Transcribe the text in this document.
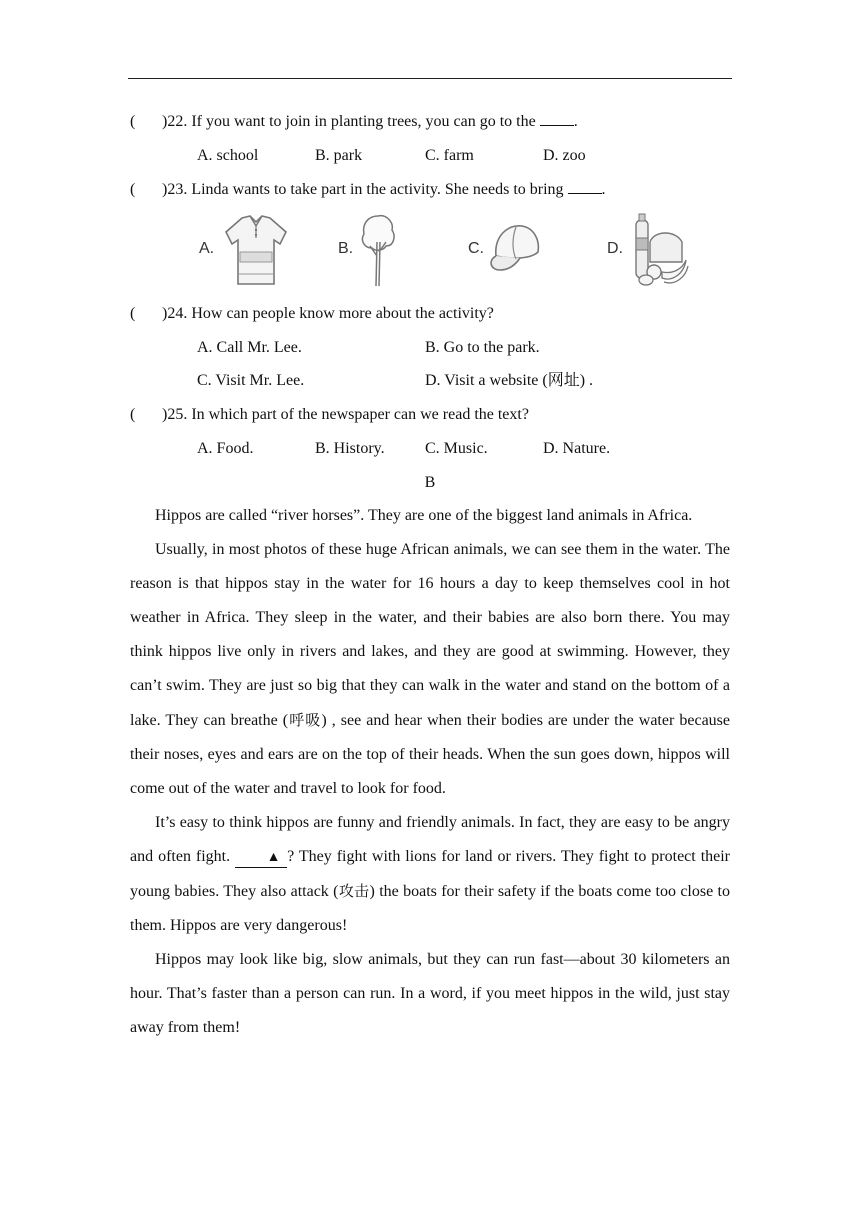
( )22. If you want to join in planting trees, you can go to the .
A. school	B. park	C. farm	D. zoo
( )23. Linda wants to take part in the activity. She needs to bring .
A.	B.	C.	D.
( )24. How can people know more about the activity?
A. Call Mr. Lee.	B. Go to the park.
C. Visit Mr. Lee.	D. Visit a website (网址) .
( )25. In which part of the newspaper can we read the text?
A. Food.	B. History.	C. Music.	D. Nature.
B

Hippos are called “river horses”. They are one of the biggest land animals in Africa.

Usually, in most photos of these huge African animals, we can see them in the water. The reason is that hippos stay in the water for 16 hours a day to keep themselves cool in hot weather in Africa. They sleep in the water, and their babies are also born there. You may think hippos live only in rivers and lakes, and they are good at swimming. However, they can’t swim. They are just so big that they can walk in the water and stand on the bottom of a lake. They can breathe (呼吸) , see and hear when their bodies are under the water because their noses, eyes and ears are on the top of their heads. When the sun goes down, hippos will come out of the water and travel to look for food.

It’s easy to think hippos are funny and friendly animals. In fact, they are easy to be angry and often fight.	▲ ? They fight with lions for land or rivers. They fight to protect their young babies. They also attack (攻击) the boats for their safety if the boats come too close to them. Hippos are very dangerous!

Hippos may look like big, slow animals, but they can run fast—about 30 kilometers an hour. That’s faster than a person can run. In a word, if you meet hippos in the wild, just stay away from them!
